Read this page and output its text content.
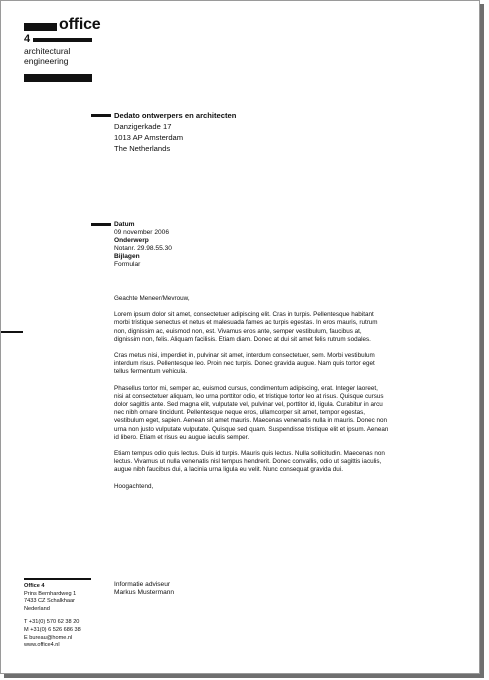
office
4
architectural
engineering
Dedato ontwerpers en architecten
Danzigerkade 17
1013 AP Amsterdam
The Netherlands
Datum
09 november 2006
Onderwerp
Notanr. 29.98.55.30
Bijlagen
Formular

Geachte Meneer/Mevrouw,

Lorem ipsum dolor sit amet, consectetuer adipiscing elit. Cras in turpis. Pellentesque habitant morbi tristique senectus et netus et malesuada fames ac turpis egestas. In eros mauris, rutrum non, dignissim ac, euismod non, est. Vivamus eros ante, semper vestibulum, faucibus at, dignissim non, felis. Aliquam facilisis. Etiam diam. Donec at dui sit amet felis rutrum sodales.

Cras metus nisi, imperdiet in, pulvinar sit amet, interdum consectetuer, sem. Morbi vestibulum interdum risus. Pellentesque leo. Proin nec turpis. Donec gravida augue. Nam quis tortor eget tellus fermentum vehicula.

Phasellus tortor mi, semper ac, euismod cursus, condimentum adipiscing, erat. Integer laoreet, nisi at consectetuer aliquam, leo urna porttitor odio, et tristique tortor leo at risus. Quisque cursus dolor sagittis ante. Sed magna elit, vulputate vel, pulvinar vel, porttitor id, ligula. Curabitur in arcu nec nibh ornare tincidunt. Pellentesque neque eros, ullamcorper sit amet, tempor egestas, vestibulum eget, sapien. Aenean sit amet mauris. Maecenas venenatis nulla in mauris. Donec non urna non justo vulputate vulputate. Quisque sed quam. Suspendisse tristique elit et ipsum. Aenean id libero. Etiam et risus eu augue iaculis semper.

Etiam tempus odio quis lectus. Duis id turpis. Mauris quis lectus. Nulla sollicitudin. Maecenas non lectus. Vivamus ut nulla venenatis nisl tempus hendrerit. Donec convallis, odio ut sagittis iaculis, augue nibh faucibus dui, a lacinia urna ligula eu velit. Nunc consequat gravida dui.

Hoogachtend,

Informatie adviseur
Markus Mustermann
Office 4
Prins Bernhardweg 1
7433 CZ Schalkhaar
Nederland
T +31(0) 570 62 38 20
M +31(0) 6 526 686 38
E bureau@home.nl
www.office4.nl
